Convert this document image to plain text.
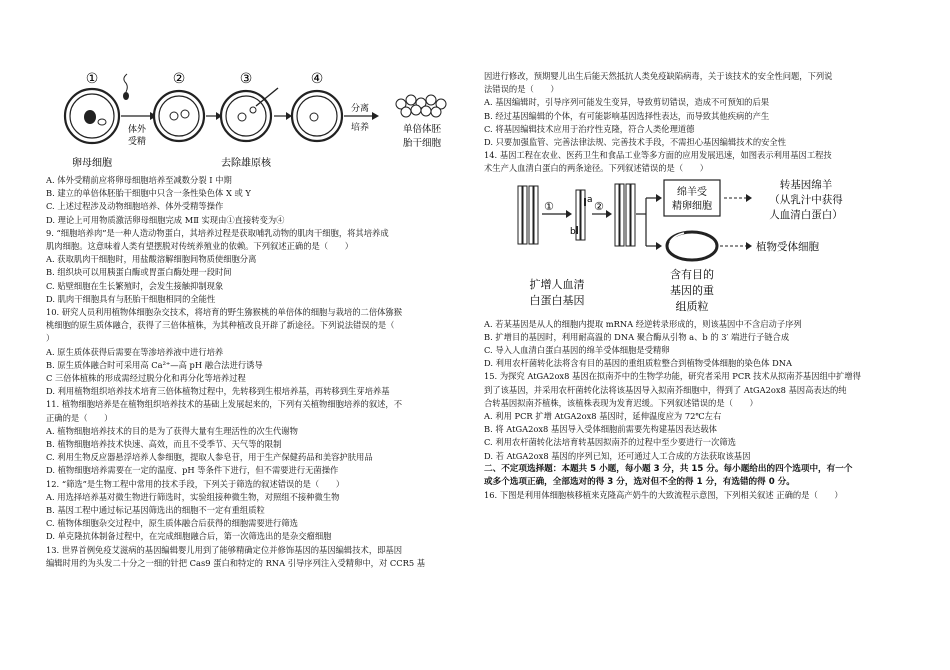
①	②	③	④
体外
受精
分离
培养	单倍体胚
胎干细胞
卵母细胞	去除雄原核
A. 体外受精前应将卵母细胞培养至减数分裂 I 中期
B. 建立的单倍体胚胎干细胞中只含一条性染色体 X 或 Y
C. 上述过程涉及动物细胞培养、体外受精等操作
D. 理论上可用物质激活卵母细胞完成 MⅡ 实现由①直接转变为④
9. “细胞培养肉”是一种人造动物蛋白，其培养过程是获取哺乳动物的肌肉干细胞，将其培养成
肌肉细胞。这意味着人类有望摆脱对传统养殖业的依赖。下列叙述正确的是（　　）
A. 获取肌肉干细胞时，用盐酸溶解细胞间物质使细胞分离
B. 组织块可以用胰蛋白酶或胃蛋白酶处理一段时间
C. 贴壁细胞在生长繁殖时，会发生接触抑制现象
D. 肌肉干细胞具有与胚胎干细胞相同的全能性
10. 研究人员利用植物体细胞杂交技术，将培育的野生猕猴桃的单倍体的细胞与栽培的二倍体猕猴
桃细胞的原生质体融合，获得了三倍体植株，为其种植改良开辟了新途径。下列说法错误的是（
）
A. 原生质体获得后需要在等渗培养液中进行培养
B. 原生质体融合时可采用高 Ca²⁺—高 pH 融合法进行诱导
C 三倍体植株的形成需经过脱分化和再分化等培养过程
D. 利用植物组织培养技术培育三倍体植物过程中，先转移到生根培养基，再转移到生芽培养基
11. 植物细胞培养是在植物组织培养技术的基础上发展起来的，下列有关植物细胞培养的叙述，不
正确的是（　　）
A. 植物细胞培养技术的目的是为了获得大量有生理活性的次生代谢物
B. 植物细胞培养技术快速、高效，而且不受季节、天气等的限制
C. 利用生物反应器悬浮培养人参细胞，提取人参皂苷，用于生产保健药品和美容护肤用品
D. 植物细胞培养需要在一定的温度、pH 等条件下进行，但不需要进行无菌操作
12. “筛选”是生物工程中常用的技术手段，下列关于筛选的叙述错误的是（　　）
A. 用选择培养基对微生物进行筛选时，实验组接种微生物，对照组不接种微生物
B. 基因工程中通过标记基因筛选出的细胞不一定有重组质粒
C. 植物体细胞杂交过程中，原生质体融合后获得的细胞需要进行筛选
D. 单克隆抗体制备过程中，在完成细胞融合后，第一次筛选出的是杂交瘤细胞
13. 世界首例免疫艾滋病的基因编辑婴儿用到了能够精确定位并修饰基因的基因编辑技术，即基因
编辑时用约为头发二十分之一细的针把 Cas9 蛋白和特定的 RNA 引导序列注入受精卵中，对 CCR5 基
因进行修改，预期婴儿出生后能天然抵抗人类免疫缺陷病毒，关于该技术的安全性问题，下列说
法错误的是（　　）
A. 基因编辑时，引导序列可能发生变异，导致剪切错误，造成不可预知的后果
B. 经过基因编辑的个体，有可能影响基因选择性表达，而导致其他疾病的产生
C. 将基因编辑技术应用于治疗性克隆，符合人类伦理道德
D. 只要加强监管、完善法律法规、完善技术手段，不需担心基因编辑技术的安全性
14. 基因工程在农业、医药卫生和食品工业等多方面的应用发展迅速，如图表示利用基因工程技
术生产人血清白蛋白的两条途径。下列叙述错误的是（　　）
①	a
b
②
绵羊受
精卵细胞
转基因绵羊
（从乳汁中获得
人血清白蛋白）
植物受体细胞
扩增人血清
白蛋白基因
含有目的
基因的重
组质粒
A. 若某基因是从人的细胞内提取 mRNA 经逆转录形成的，则该基因中不含启动子序列
B. 扩增目的基因时，利用耐高温的 DNA 聚合酶从引物 a、b 的 3′ 端进行子链合成
C. 导入人血清白蛋白基因的绵羊受体细胞是受精卵
D. 利用农杆菌转化法将含有目的基因的重组质粒整合到植物受体细胞的染色体 DNA
15. 为探究 AtGA2ox8 基因在拟南芥中的生物学功能，研究者采用 PCR 技术从拟南芥基因组中扩增得
到了该基因，并采用农杆菌转化法将该基因导入拟南芥细胞中，得到了 AtGA2ox8 基因高表达的纯
合转基因拟南芥植株，该植株表现为发育迟缓。下列叙述错误的是（　　）
A. 利用 PCR 扩增 AtGA2ox8 基因时，延伸温度应为 72℃左右
B. 将 AtGA2ox8 基因导入受体细胞前需要先构建基因表达载体
C. 利用农杆菌转化法培育转基因拟南芥的过程中至少要进行一次筛选
D. 若 AtGA2ox8 基因的序列已知，还可通过人工合成的方法获取该基因
二、不定项选择题：本题共 5 小题，每小题 3 分，共 15 分。每小题给出的四个选项中，有一个
或多个选项正确，全部选对的得 3 分，选对但不全的得 1 分，有选错的得 0 分。
16. 下图是利用体细胞核移植来克隆高产奶牛的大致流程示意图，下列相关叙述 正确的是（　　）
